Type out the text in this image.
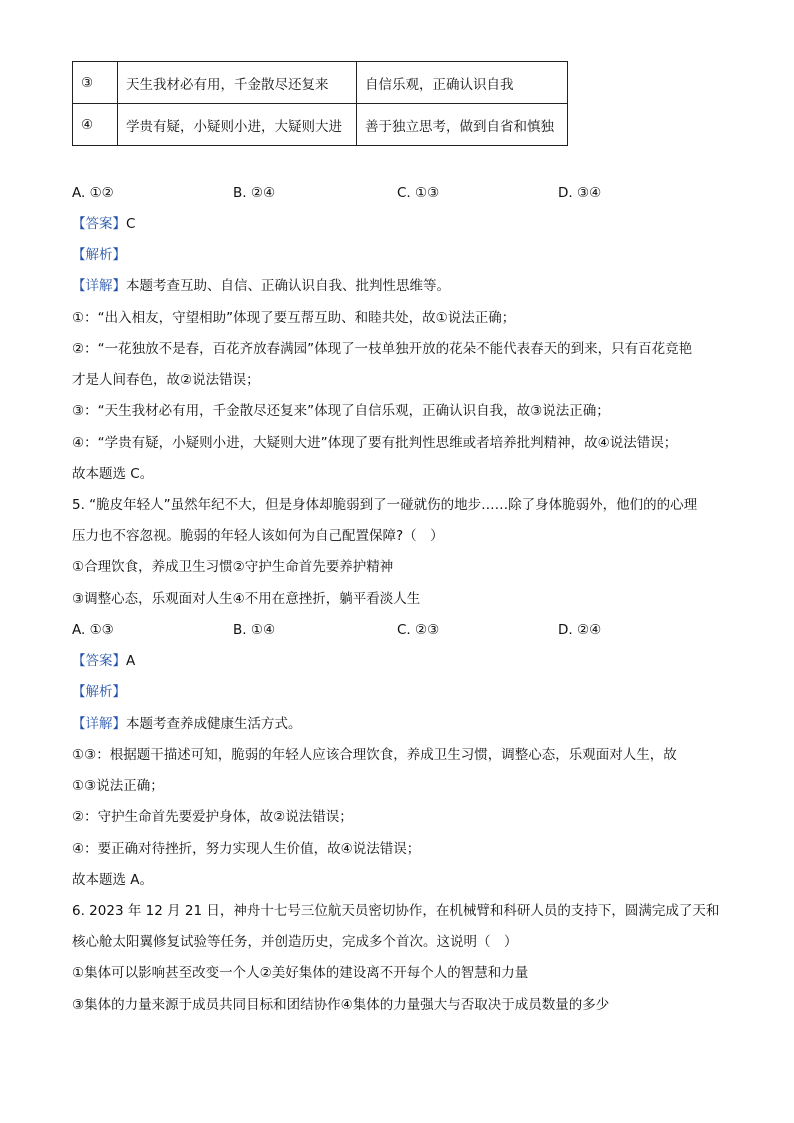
③	天生我材必有用，千金散尽还复来	自信乐观，正确认识自我
④	学贵有疑，小疑则小进，大疑则大进	善于独立思考，做到自省和慎独
A. ①②	B. ②④	C. ①③	D. ③④
【答案】C
【解析】
【详解】本题考查互助、自信、正确认识自我、批判性思维等。
①：“出入相友，守望相助”体现了要互帮互助、和睦共处，故①说法正确；
②：“一花独放不是春，百花齐放春满园”体现了一枝单独开放的花朵不能代表春天的到来，只有百花竞艳
才是人间春色，故②说法错误；
③：“天生我材必有用，千金散尽还复来”体现了自信乐观，正确认识自我，故③说法正确；
④：“学贵有疑，小疑则小进，大疑则大进”体现了要有批判性思维或者培养批判精神，故④说法错误；
故本题选 C。
5. “脆皮年轻人”虽然年纪不大，但是身体却脆弱到了一碰就伤的地步……除了身体脆弱外，他们的的心理
压力也不容忽视。脆弱的年轻人该如何为自己配置保障?（　）
①合理饮食，养成卫生习惯②守护生命首先要养护精神
③调整心态，乐观面对人生④不用在意挫折，躺平看淡人生
A. ①③	B. ①④	C. ②③	D. ②④
【答案】A
【解析】
【详解】本题考查养成健康生活方式。
①③：根据题干描述可知，脆弱的年轻人应该合理饮食，养成卫生习惯，调整心态，乐观面对人生，故
①③说法正确；
②：守护生命首先要爱护身体，故②说法错误；
④：要正确对待挫折，努力实现人生价值，故④说法错误；
故本题选 A。
6. 2023 年 12 月 21 日，神舟十七号三位航天员密切协作，在机械臂和科研人员的支持下，圆满完成了天和
核心舱太阳翼修复试验等任务，并创造历史，完成多个首次。这说明（　）
①集体可以影响甚至改变一个人②美好集体的建设离不开每个人的智慧和力量
③集体的力量来源于成员共同目标和团结协作④集体的力量强大与否取决于成员数量的多少
